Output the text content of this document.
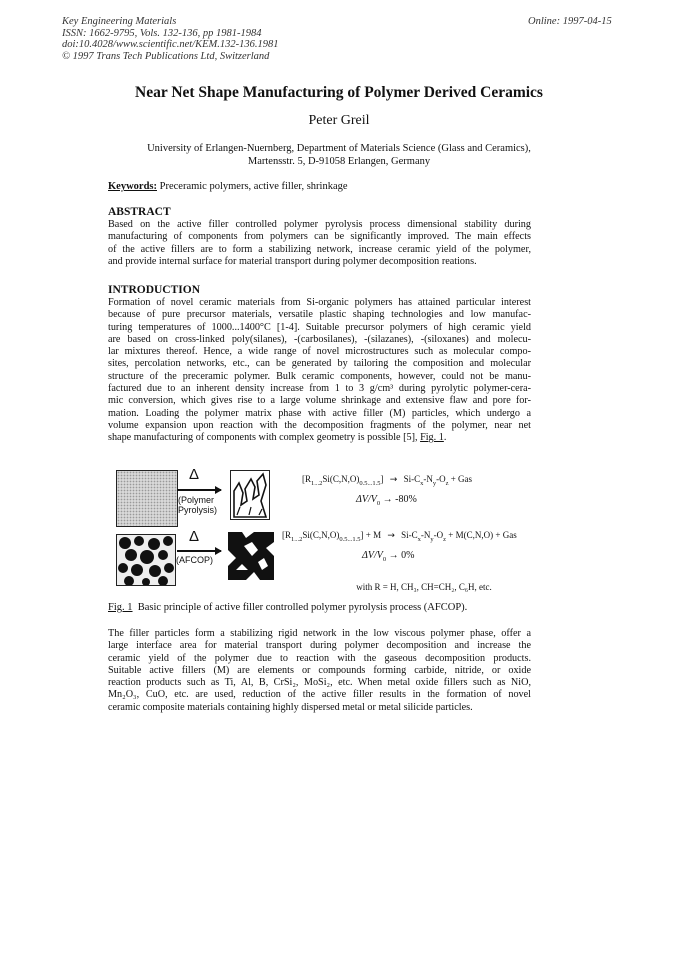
Key Engineering Materials
ISSN: 1662-9795, Vols. 132-136, pp 1981-1984
doi:10.4028/www.scientific.net/KEM.132-136.1981
© 1997 Trans Tech Publications Ltd, Switzerland
Online: 1997-04-15
Near Net Shape Manufacturing of Polymer Derived Ceramics
Peter Greil
University of Erlangen-Nuernberg, Department of Materials Science (Glass and Ceramics),
Martensstr. 5, D-91058 Erlangen, Germany
Keywords: Preceramic polymers, active filler, shrinkage
ABSTRACT
Based on the active filler controlled polymer pyrolysis process dimensional stability during
manufacturing of components from polymers can be significantly improved. The main effects
of the active fillers are to form a stabilizing network, increase ceramic yield of the polymer,
and provide internal surface for material transport during polymer decomposition reations.
INTRODUCTION
Formation of novel ceramic materials from Si-organic polymers has attained particular interest
because of pure precursor materials, versatile plastic shaping technologies and low manufac-
turing temperatures of 1000...1400°C [1-4]. Suitable precursor polymers of high ceramic yield
are based on cross-linked poly(silanes), -(carbosilanes), -(silazanes), -(siloxanes) and molecu-
lar mixtures thereof. Hence, a wide range of novel microstructures such as molecular compo-
sites, percolation networks, etc., can be generated by tailoring the composition and molecular
structure of the preceramic polymer. Bulk ceramic components, however, could not be manu-
factured due to an inherent density increase from 1 to 3 g/cm³ during pyrolytic polymer-cera-
mic conversion, which gives rise to a large volume shrinkage and extensive flaw and pore for-
mation. Loading the polymer matrix phase with active filler (M) particles, which undergo a
volume expansion upon reaction with the decomposition fragments of the polymer, near net
shape manufacturing of components with complex geometry is possible [5], Fig. 1.
Δ
(Polymer
Pyrolysis)
Δ
(AFCOP)
$[R_{1...2}Si(C,N,O)_{0.5...1.5}] \to Si-C_x-N_y-O_z$ + Gas
$\Delta V/V_0 \to -80\%$
$[R_{1...2}Si(C,N,O)_{0.5...1.5}] + M \to Si-C_x-N_y-O_z + M(C,N,O)$ + Gas
$\Delta V/V_0 \to 0\%$
with R = H, CH₃, CH=CH₂, C₆H, etc.
Fig. 1  Basic principle of active filler controlled polymer pyrolysis process (AFCOP).
The filler particles form a stabilizing rigid network in the low viscous polymer phase, offer a
large interface area for material transport during polymer decomposition and increase the
ceramic yield of the polymer due to reaction with the gaseous decomposition products.
Suitable active fillers (M) are elements or compounds forming carbide, nitride, or oxide
reaction products such as Ti, Al, B, CrSi₂, MoSi₂, etc. When metal oxide fillers such as NiO,
Mn₂O₃, CuO, etc. are used, reduction of the active filler results in the formation of novel
ceramic composite materials containing highly dispersed metal or metal silicide particles.
